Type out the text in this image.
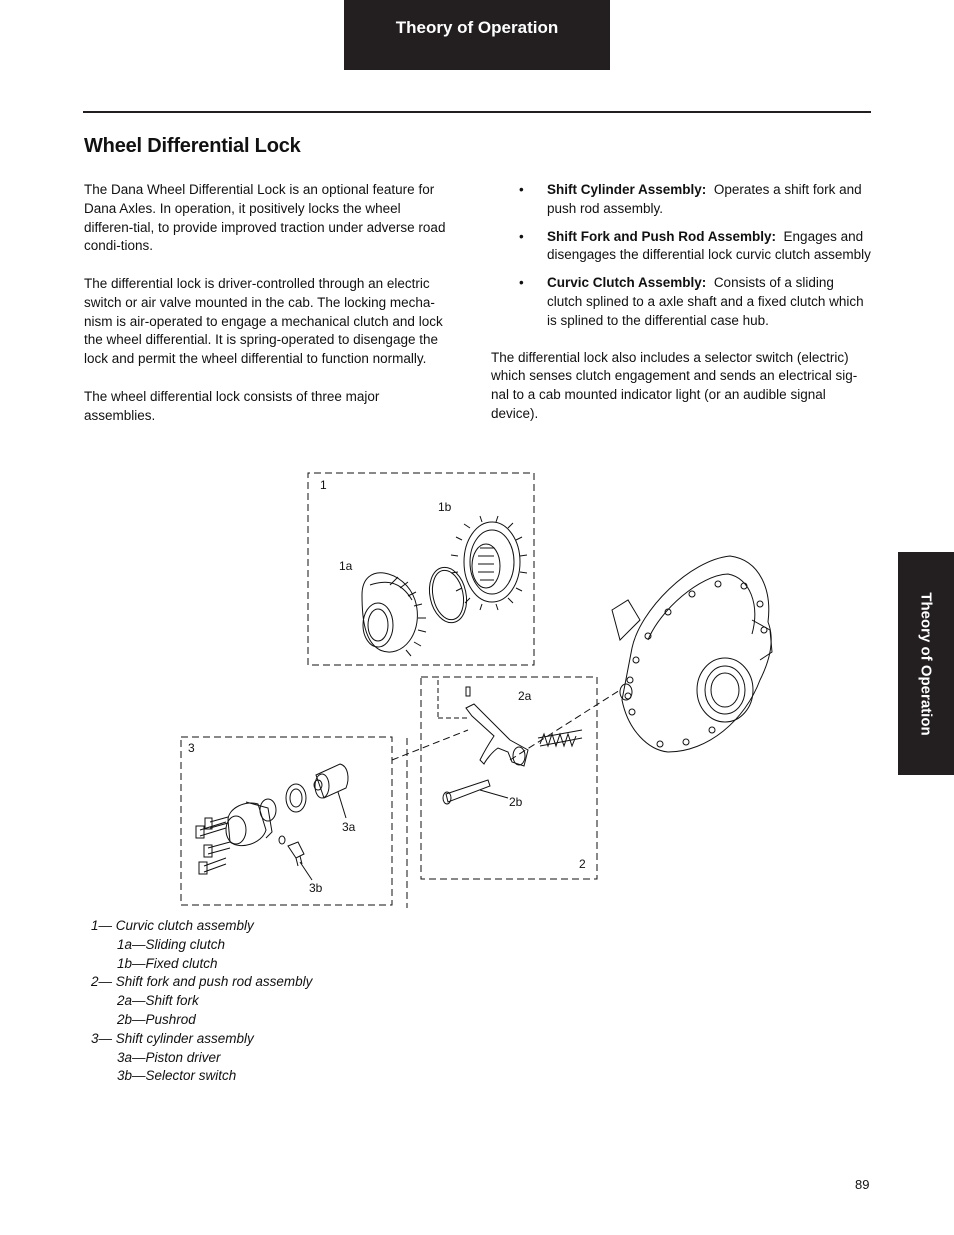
Theory of Operation
Wheel Differential Lock

The Dana Wheel Differential Lock is an optional feature for Dana Axles. In operation, it positively locks the wheel differen-tial, to provide improved traction under adverse road condi-tions.

The differential lock is driver-controlled through an electric switch or air valve mounted in the cab. The locking mecha-nism is air-operated to engage a mechanical clutch and lock the wheel differential. It is spring-operated to disengage the lock and permit the wheel differential to function normally.

The wheel differential lock consists of three major assemblies.

• Shift Cylinder Assembly: Operates a shift fork and push rod assembly.
• Shift Fork and Push Rod Assembly: Engages and disengages the differential lock curvic clutch assembly
• Curvic Clutch Assembly: Consists of a sliding clutch splined to a axle shaft and a fixed clutch which is splined to the differential case hub.

The differential lock also includes a selector switch (electric) which senses clutch engagement and sends an electrical sig-nal to a cab mounted indicator light (or an audible signal device).

Theory of Operation
1
1a
1b
2a
2b
2
3
3a
3b
1— Curvic clutch assembly
1a—Sliding clutch
1b—Fixed clutch
2— Shift fork and push rod assembly
2a—Shift fork
2b—Pushrod
3— Shift cylinder assembly
3a—Piston driver
3b—Selector switch
89
